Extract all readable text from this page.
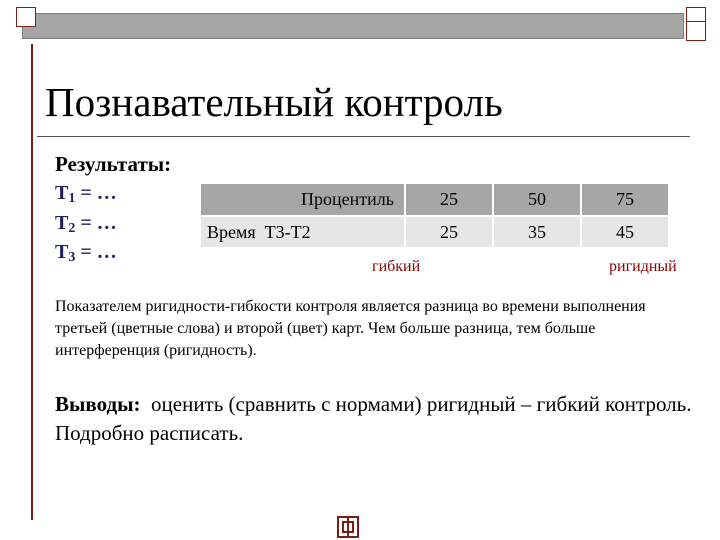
Познавательный контроль
Результаты:
$T_1$ = …
$T_2$ = …
$T_3$ = …
Процентиль	25	50	75
Время  Т3-Т2	25	35	45
гибкий	ригидный
Показателем ригидности-гибкости контроля является разница во времени выполнения третьей (цветные слова) и второй (цвет) карт. Чем больше разница, тем больше интерференция (ригидность).
Выводы:  оценить (сравнить с нормами) ригидный – гибкий контроль. Подробно расписать.
